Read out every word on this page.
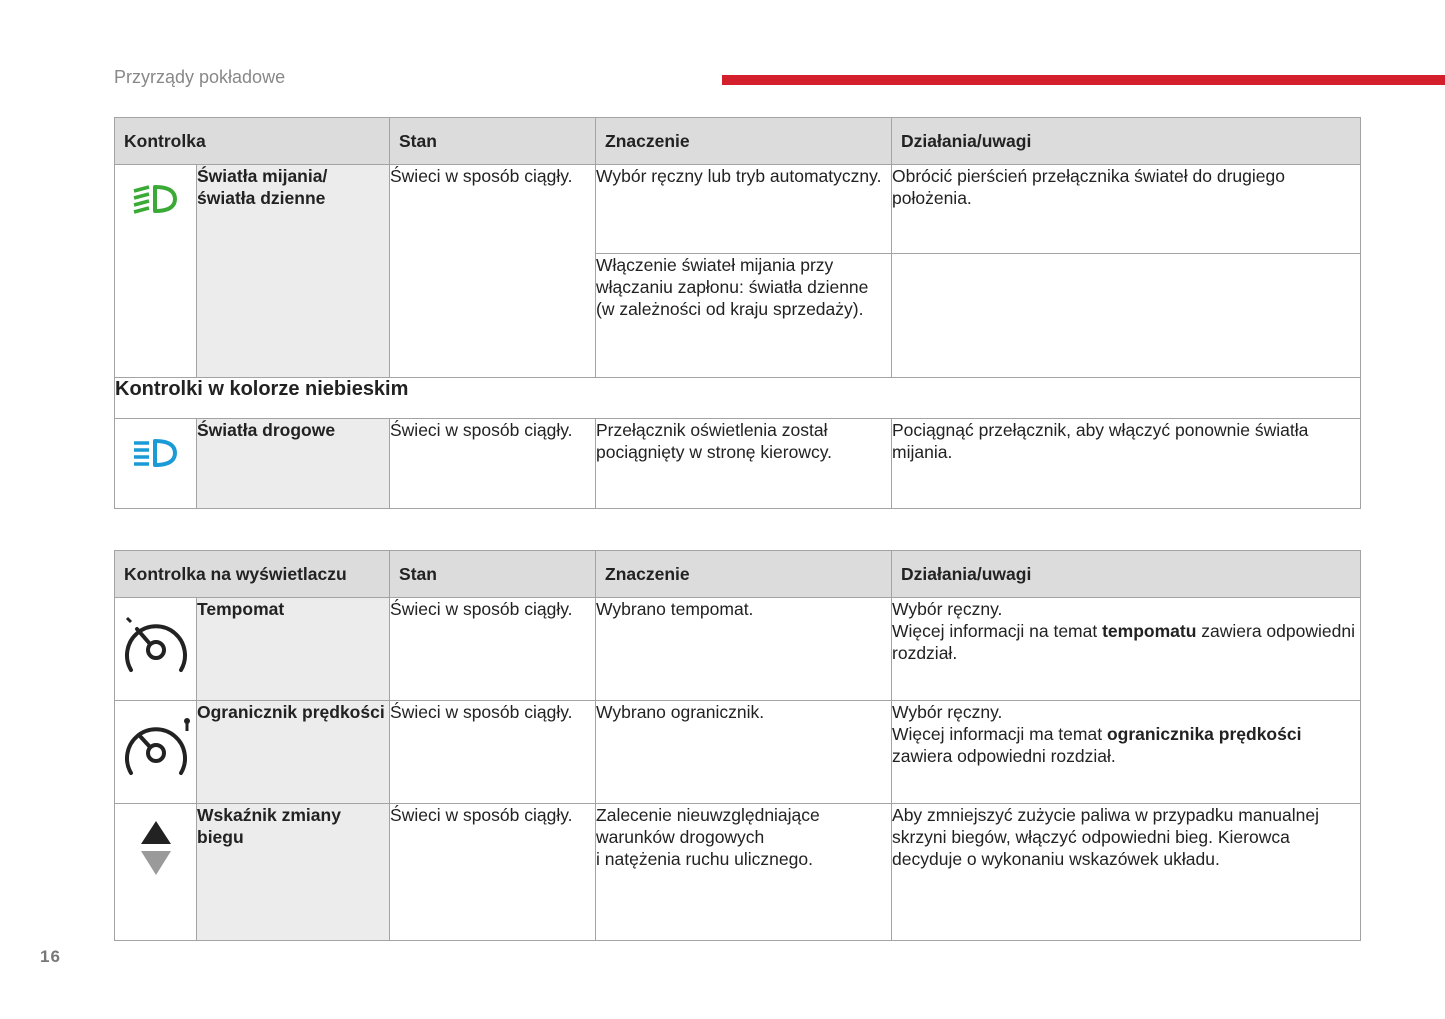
Przyrządy pokładowe
Kontrolka		Stan	Znaczenie	Działania/uwagi
	Światła mijania/ światła dzienne	Świeci w sposób ciągły.	Wybór ręczny lub tryb automatyczny.	Obrócić pierścień przełącznika świateł do drugiego położenia.
			Włączenie świateł mijania przy włączaniu zapłonu: światła dzienne (w zależności od kraju sprzedaży).	
Kontrolki w kolorze niebieskim				
	Światła drogowe	Świeci w sposób ciągły.	Przełącznik oświetlenia został pociągnięty w stronę kierowcy.	Pociągnąć przełącznik, aby włączyć ponownie światła mijania.
Kontrolka na wyświetlaczu		Stan	Znaczenie	Działania/uwagi
	Tempomat	Świeci w sposób ciągły.	Wybrano tempomat.	Wybór ręczny.
Więcej informacji na temat tempomatu zawiera odpowiedni rozdział.
	Ogranicznik prędkości	Świeci w sposób ciągły.	Wybrano ogranicznik.	Wybór ręczny.
Więcej informacji ma temat ogranicznika prędkości zawiera odpowiedni rozdział.
	Wskaźnik zmiany biegu	Świeci w sposób ciągły.	Zalecenie nieuwzględniające
warunków drogowych
i natężenia ruchu ulicznego.	Aby zmniejszyć zużycie paliwa w przypadku manualnej skrzyni biegów, włączyć odpowiedni bieg. Kierowca decyduje o wykonaniu wskazówek układu.
16
